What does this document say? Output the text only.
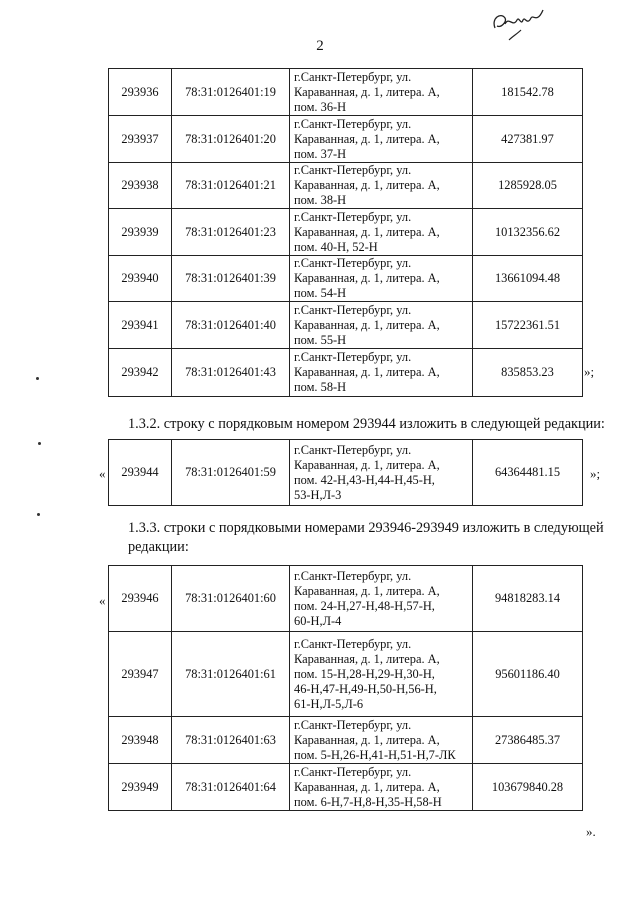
2
293936	78:31:0126401:19	г.Санкт-Петербург, ул.
Караванная, д. 1, литера. А,
пом. 36-Н	181542.78
293937	78:31:0126401:20	г.Санкт-Петербург, ул.
Караванная, д. 1, литера. А,
пом. 37-Н	427381.97
293938	78:31:0126401:21	г.Санкт-Петербург, ул.
Караванная, д. 1, литера. А,
пом. 38-Н	1285928.05
293939	78:31:0126401:23	г.Санкт-Петербург, ул.
Караванная, д. 1, литера. А,
пом. 40-Н, 52-Н	10132356.62
293940	78:31:0126401:39	г.Санкт-Петербург, ул.
Караванная, д. 1, литера. А,
пом. 54-Н	13661094.48
293941	78:31:0126401:40	г.Санкт-Петербург, ул.
Караванная, д. 1, литера. А,
пом. 55-Н	15722361.51
293942	78:31:0126401:43	г.Санкт-Петербург, ул.
Караванная, д. 1, литера. А,
пом. 58-Н	835853.23 »;
1.3.2. строку с порядковым номером 293944 изложить в следующей редакции:
« 293944	78:31:0126401:59	
г.Санкт-Петербург, ул.
Караванная, д. 1, литера. А,
пом. 42-Н,43-Н,44-Н,45-Н,
53-Н,Л-3
	64364481.15 »;
1.3.3. строки с порядковыми номерами 293946-293949 изложить в следующей
редакции:
« 293946	78:31:0126401:60	г.Санкт-Петербург, ул.
Караванная, д. 1, литера. А,
пом. 24-Н,27-Н,48-Н,57-Н,
60-Н,Л-4	94818283.14
293947	78:31:0126401:61	г.Санкт-Петербург, ул.
Караванная, д. 1, литера. А,
пом. 15-Н,28-Н,29-Н,30-Н,
46-Н,47-Н,49-Н,50-Н,56-Н,
61-Н,Л-5,Л-6	95601186.40
293948	78:31:0126401:63	г.Санкт-Петербург, ул.
Караванная, д. 1, литера. А,
пом. 5-Н,26-Н,41-Н,51-Н,7-ЛК	27386485.37
293949	78:31:0126401:64	г.Санкт-Петербург, ул.
Караванная, д. 1, литера. А,
пом. 6-Н,7-Н,8-Н,35-Н,58-Н	103679840.28
».
